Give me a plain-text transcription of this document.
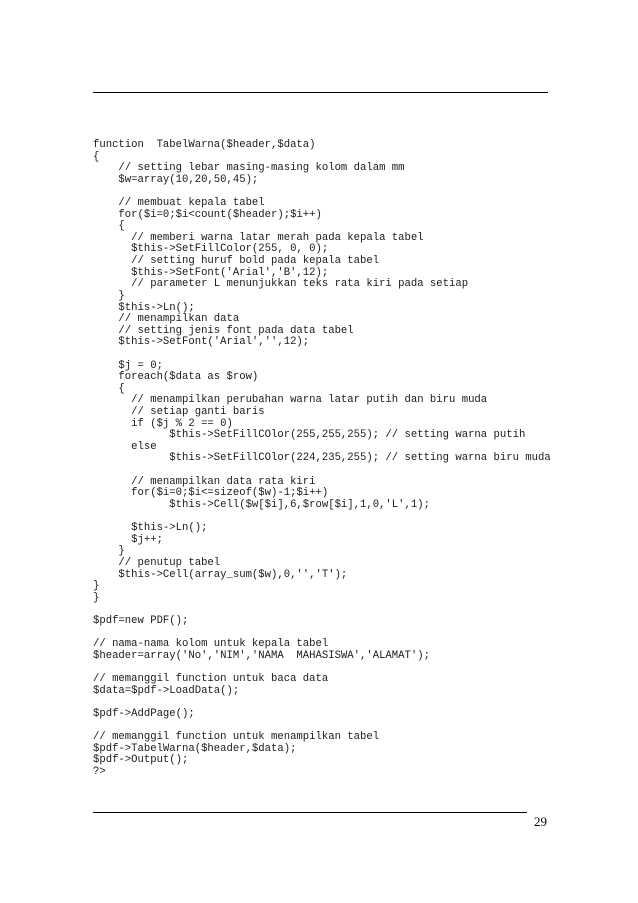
function  TabelWarna($header,$data)
{
// setting lebar masing-masing kolom dalam mm
$w=array(10,20,50,45);
// membuat kepala tabel
for($i=0;$i<count($header);$i++)
{
// memberi warna latar merah pada kepala tabel
$this->SetFillColor(255, 0, 0);
// setting huruf bold pada kepala tabel
$this->SetFont('Arial','B',12);
// parameter L menunjukkan teks rata kiri pada setiap
}
$this->Ln();
// menampilkan data
// setting jenis font pada data tabel
$this->SetFont('Arial','',12);
$j = 0;
foreach($data as $row)
{
// menampilkan perubahan warna latar putih dan biru muda
// setiap ganti baris
if ($j % 2 == 0)
$this->SetFillCOlor(255,255,255); // setting warna putih
else
$this->SetFillCOlor(224,235,255); // setting warna biru muda
// menampilkan data rata kiri
for($i=0;$i<=sizeof($w)-1;$i++)
$this->Cell($w[$i],6,$row[$i],1,0,'L',1);
$this->Ln();
$j++;
}
// penutup tabel
$this->Cell(array_sum($w),0,'','T');
}
}
$pdf=new PDF();
// nama-nama kolom untuk kepala tabel
$header=array('No','NIM','NAMA  MAHASISWA','ALAMAT');
// memanggil function untuk baca data
$data=$pdf->LoadData();
$pdf->AddPage();
// memanggil function untuk menampilkan tabel
$pdf->TabelWarna($header,$data);
$pdf->Output();
?>
29
